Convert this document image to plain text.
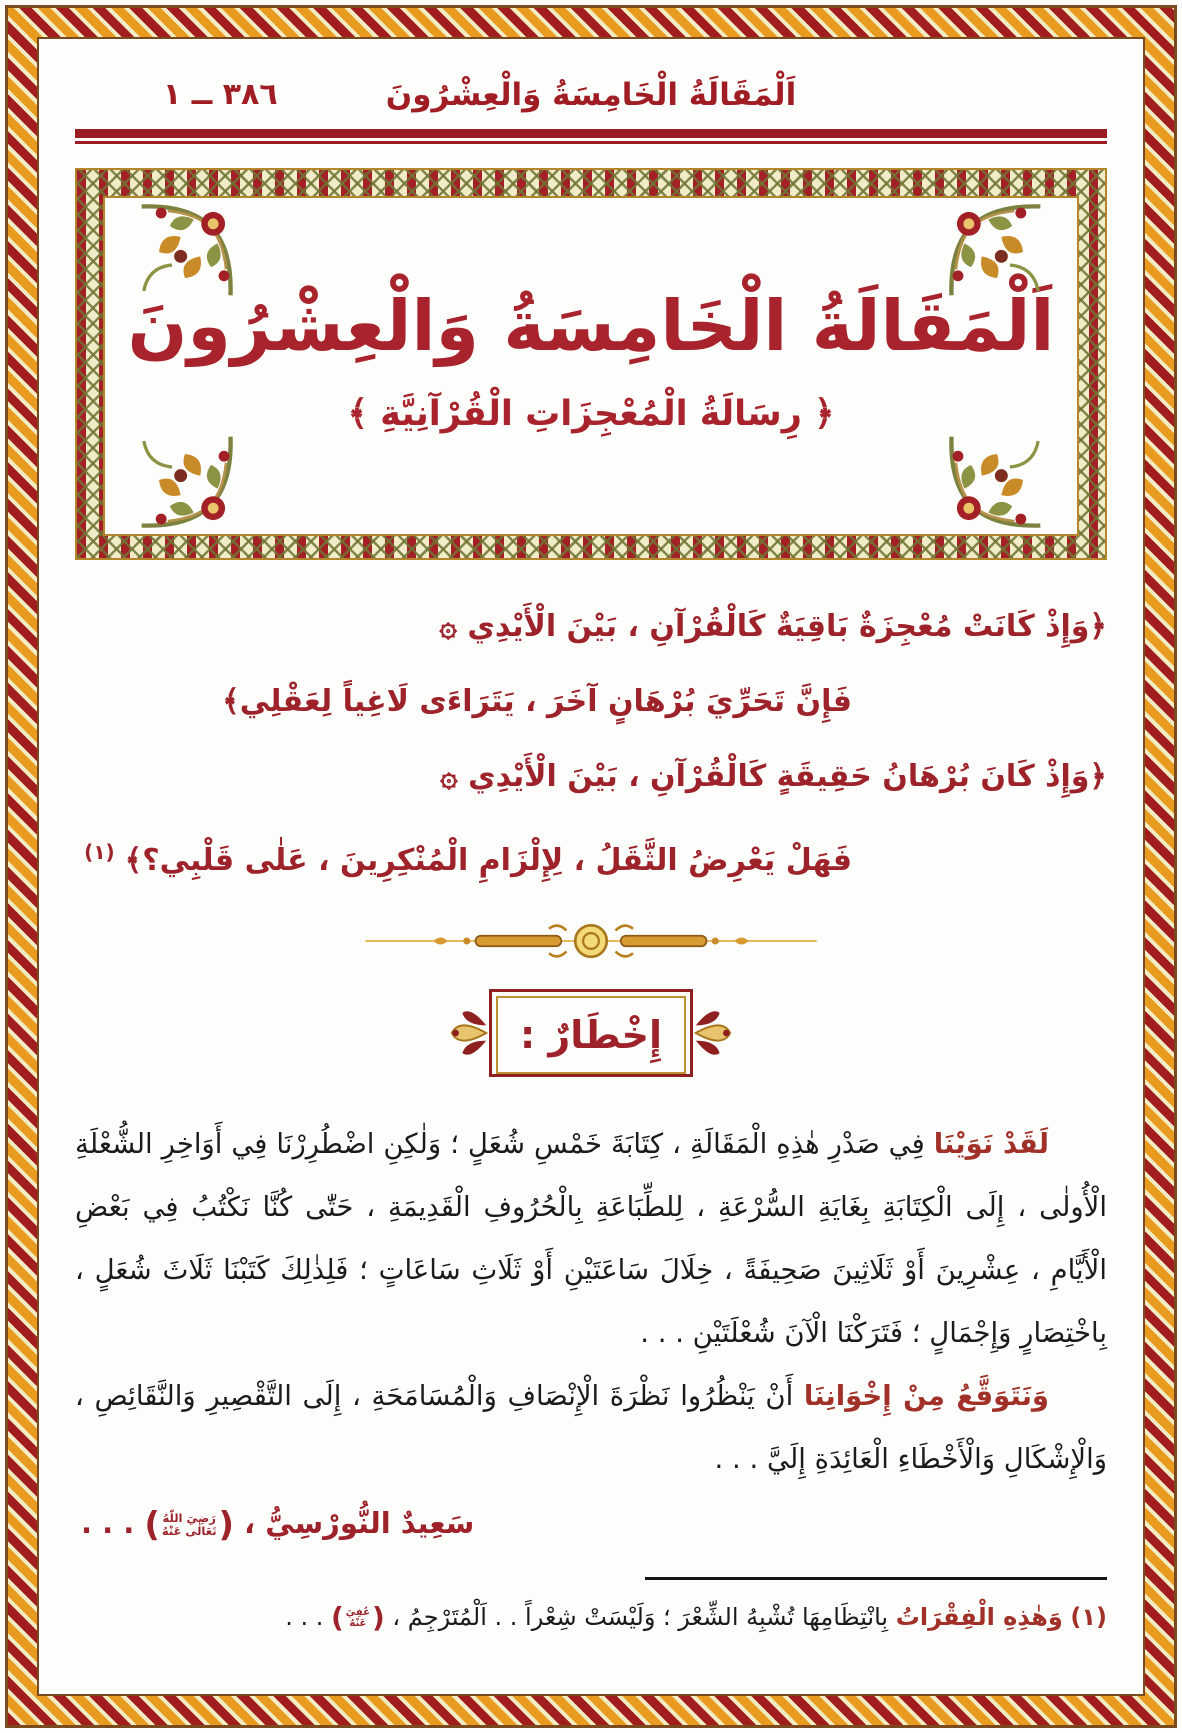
اَلْمَقَالَةُ الْخَامِسَةُ وَالْعِشْرُونَ
٣٨٦ ــ ١
اَلْمَقَالَةُ الْخَامِسَةُ وَالْعِشْرُونَ
﴿ رِسَالَةُ الْمُعْجِزَاتِ الْقُرْآنِيَّةِ ﴾
﴿وَإِذْ كَانَتْ مُعْجِزَةٌ بَاقِيَةٌ كَالْقُرْآنِ ، بَيْنَ الْأَيْدِي ۞
فَإِنَّ تَحَرِّيَ بُرْهَانٍ آخَرَ ، يَتَرَاءَى لَاغِياً لِعَقْلِي﴾
﴿وَإِذْ كَانَ بُرْهَانُ حَقِيقَةٍ كَالْقُرْآنِ ، بَيْنَ الْأَيْدِي ۞
فَهَلْ يَعْرِضُ الثَّقَلُ ، لِإِلْزَامِ الْمُنْكِرِينَ ، عَلٰى قَلْبِي؟﴾$^{(١)}$
إِخْطَارٌ :

لَقَدْ نَوَيْنَا فِي صَدْرِ هٰذِهِ الْمَقَالَةِ ، كِتَابَةَ خَمْسِ شُعَلٍ ؛ وَلٰكِنِ اضْطُرِرْنَا فِي أَوَاخِرِ الشُّعْلَةِ الْأُولٰى ، إِلَى الْكِتَابَةِ بِغَايَةِ السُّرْعَةِ ، لِلطِّبَاعَةِ بِالْحُرُوفِ الْقَدِيمَةِ ، حَتّٰى كُنَّا نَكْتُبُ فِي بَعْضِ الْأَيَّامِ ، عِشْرِينَ أَوْ ثَلَاثِينَ صَحِيفَةً ، خِلَالَ سَاعَتَيْنِ أَوْ ثَلَاثِ سَاعَاتٍ ؛ فَلِذٰلِكَ كَتَبْنَا ثَلَاثَ شُعَلٍ ، بِاخْتِصَارٍ وَإِجْمَالٍ ؛ فَتَرَكْنَا الْآنَ شُعْلَتَيْنِ . . .

وَنَتَوَقَّعُ مِنْ إِخْوَانِنَا أَنْ يَنْظُرُوا نَظْرَةَ الْإِنْصَافِ وَالْمُسَامَحَةِ ، إِلَى التَّقْصِيرِ وَالنَّقَائِصِ ، وَالْإِشْكَالِ وَالْأَخْطَاءِ الْعَائِدَةِ إِلَيَّ . . .

سَعِيدٌ النُّورْسِيُّ ، (
رَضِيَ اللّٰهُ
تَعَالٰى عَنْهُ
) . . .
(١) وَهٰذِهِ الْفِقْرَاتُ بِانْتِظَامِهَا تُشْبِهُ الشِّعْرَ ؛ وَلَيْسَتْ شِعْراً . . اَلْمُتَرْجِمُ ، (
عُفِيَ
عَنْهُ
) . . .
